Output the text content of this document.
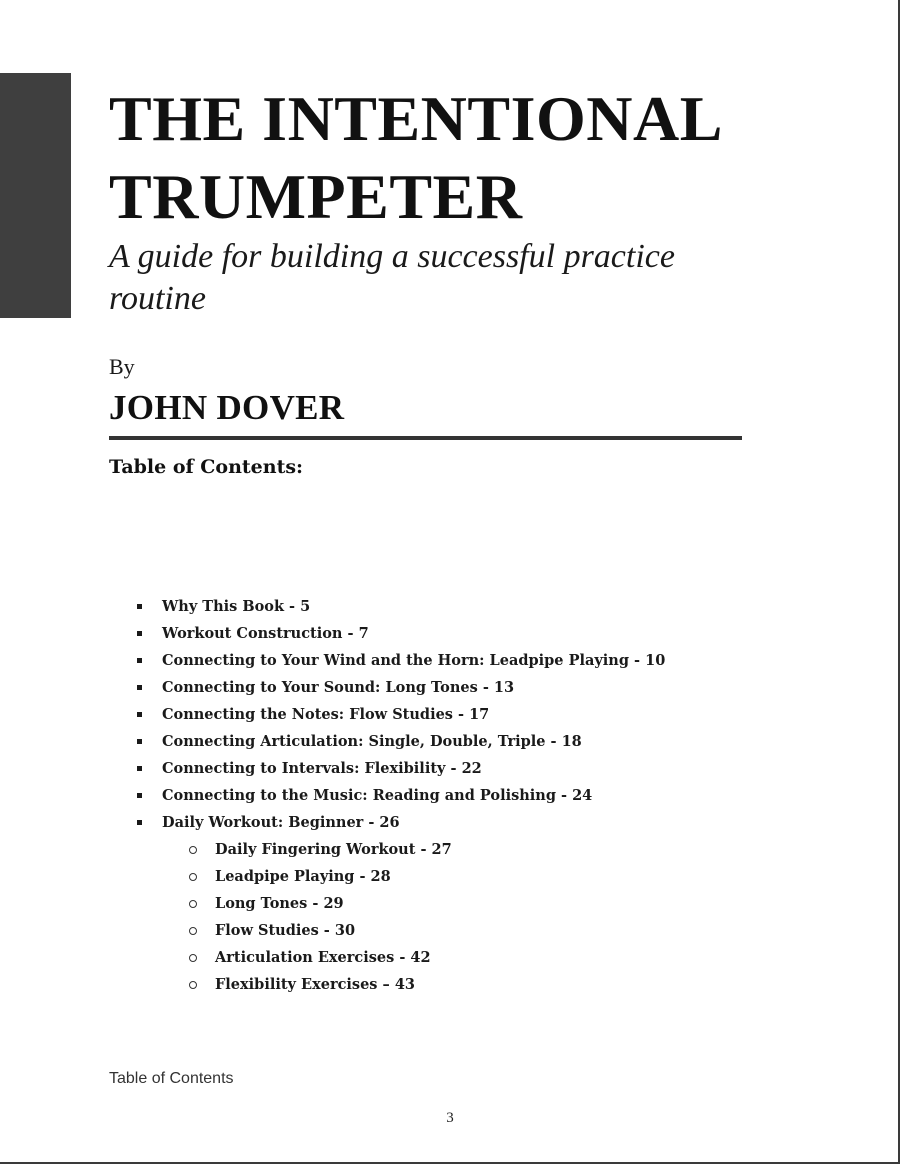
THE INTENTIONAL TRUMPETER

A guide for building a successful practice routine

By
JOHN DOVER
Table of Contents:
Why This Book - 5
Workout Construction - 7
Connecting to Your Wind and the Horn: Leadpipe Playing - 10
Connecting to Your Sound: Long Tones - 13
Connecting the Notes: Flow Studies - 17
Connecting Articulation: Single, Double, Triple - 18
Connecting to Intervals: Flexibility - 22
Connecting to the Music: Reading and Polishing - 24
Daily Workout: Beginner - 26
Daily Fingering Workout - 27
Leadpipe Playing - 28
Long Tones - 29
Flow Studies - 30
Articulation Exercises - 42
Flexibility Exercises – 43
Table of Contents
3
